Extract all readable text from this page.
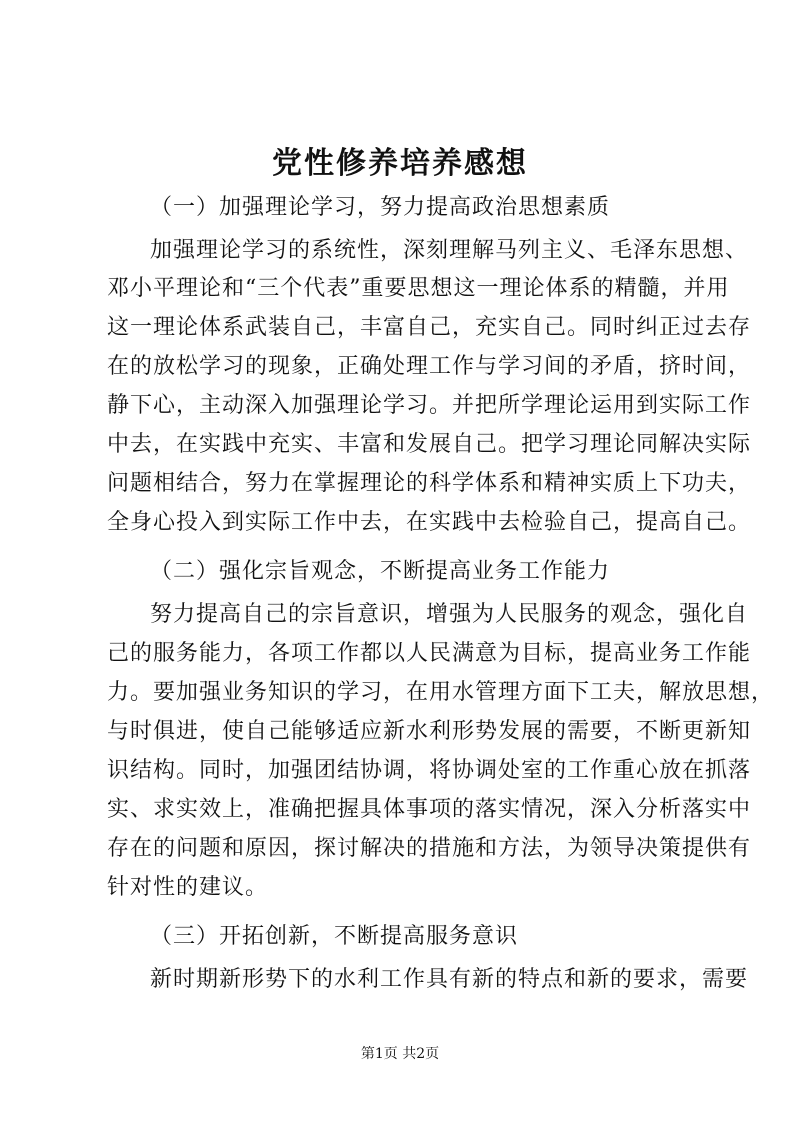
党性修养培养感想
（一）加强理论学习，努力提高政治思想素质
加强理论学习的系统性，深刻理解马列主义、毛泽东思想、
邓小平理论和“三个代表”重要思想这一理论体系的精髓，并用
这一理论体系武装自己，丰富自己，充实自己。同时纠正过去存
在的放松学习的现象，正确处理工作与学习间的矛盾，挤时间，
静下心，主动深入加强理论学习。并把所学理论运用到实际工作
中去，在实践中充实、丰富和发展自己。把学习理论同解决实际
问题相结合，努力在掌握理论的科学体系和精神实质上下功夫，
全身心投入到实际工作中去，在实践中去检验自己，提高自己。
（二）强化宗旨观念，不断提高业务工作能力
努力提高自己的宗旨意识，增强为人民服务的观念，强化自
己的服务能力，各项工作都以人民满意为目标，提高业务工作能
力。要加强业务知识的学习，在用水管理方面下工夫，解放思想，
与时俱进，使自己能够适应新水利形势发展的需要，不断更新知
识结构。同时，加强团结协调，将协调处室的工作重心放在抓落
实、求实效上，准确把握具体事项的落实情况，深入分析落实中
存在的问题和原因，探讨解决的措施和方法，为领导决策提供有
针对性的建议。
（三）开拓创新，不断提高服务意识
新时期新形势下的水利工作具有新的特点和新的要求，需要
第1页 共2页
